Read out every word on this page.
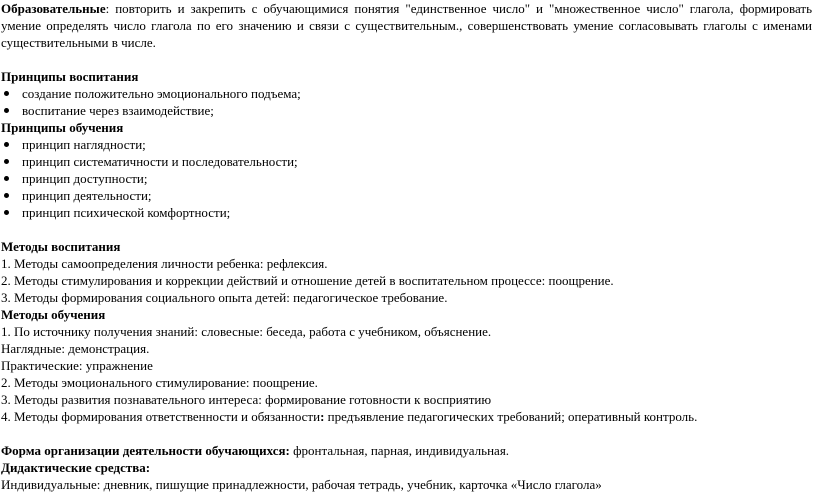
Образовательные: повторить и закрепить с обучающимися понятия "единственное число" и "множественное число" глагола, формировать умение определять число глагола по его значению и связи с существительным., совершенствовать умение согласовывать глаголы с именами существительными в числе.

Принципы воспитания

создание положительно эмоционального подъема;
воспитание через взаимодействие;

Принципы обучения

принцип наглядности;
принцип систематичности и последовательности;
принцип доступности;
принцип деятельности;
принцип психической комфортности;

Методы воспитания

1. Методы самоопределения личности ребенка: рефлексия.

2. Методы стимулирования и коррекции действий и отношение детей в воспитательном процессе: поощрение.

3. Методы формирования социального опыта детей: педагогическое требование.

Методы обучения

1. По источнику получения знаний: словесные: беседа, работа с учебником, объяснение.

Наглядные: демонстрация.

Практические: упражнение

2. Методы эмоционального стимулирование: поощрение.

3. Методы развития познавательного интереса: формирование готовности к восприятию

4. Методы формирования ответственности и обязанности: предъявление педагогических требований; оперативный контроль.

Форма организации деятельности обучающихся: фронтальная, парная, индивидуальная.

Дидактические средства:

Индивидуальные: дневник, пишущие принадлежности, рабочая тетрадь, учебник, карточка «Число глагола»
